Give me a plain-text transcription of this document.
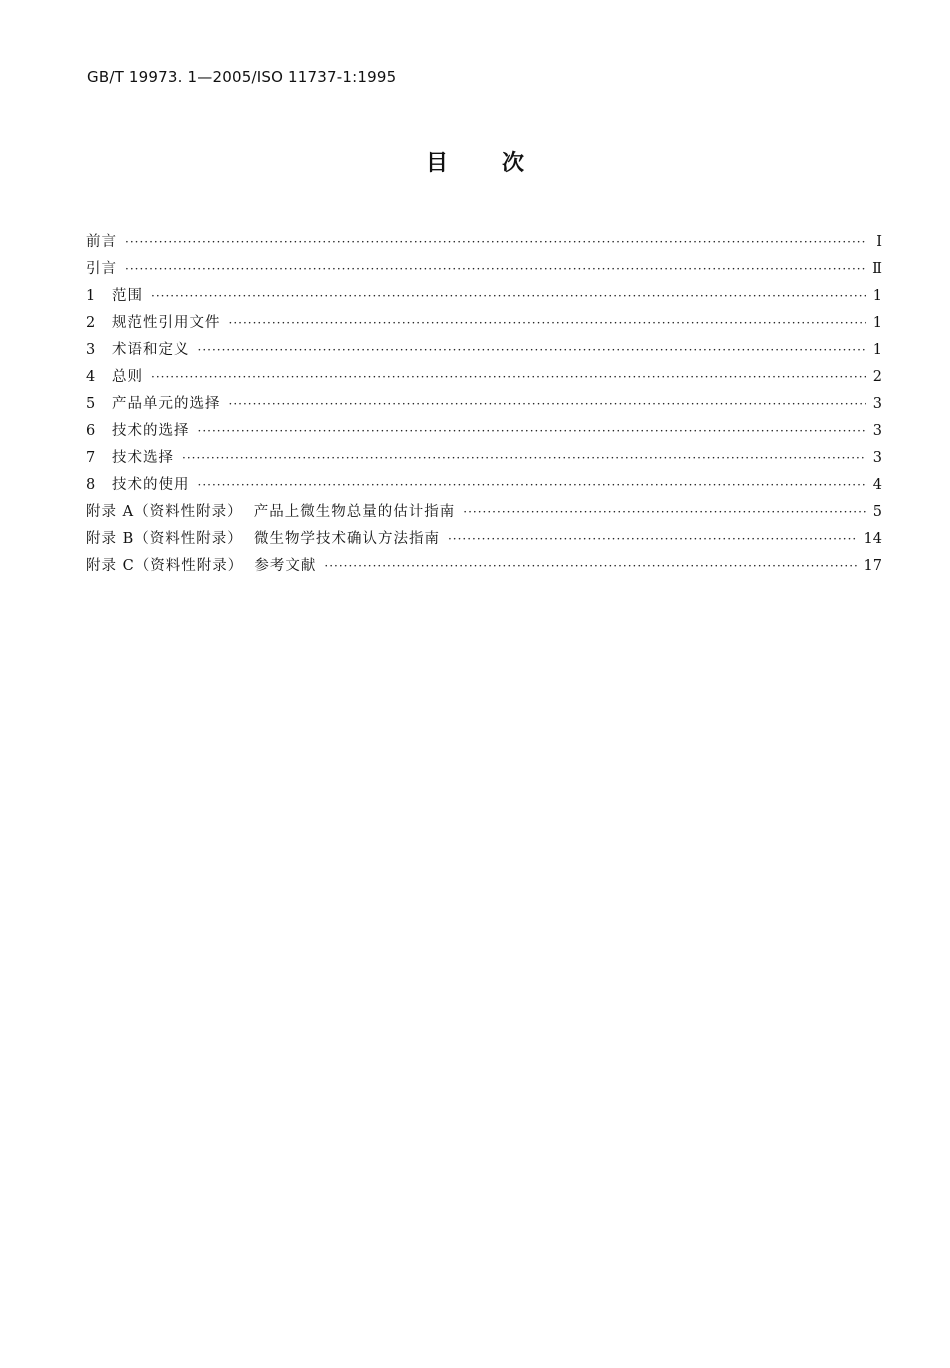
GB/T 19973. 1—2005/ISO 11737-1:1995
目次
前言 ·····	Ⅰ
引言 ·····	Ⅱ
1	范围 ·····	1
2	规范性引用文件 ·····	1
3	术语和定义 ·····	1
4	总则 ·····	2
5	产品单元的选择 ·····	3
6	技术的选择 ·····	3
7	技术选择 ·····	3
8	技术的使用 ·····	4
附录 A（资料性附录）  产品上微生物总量的估计指南 ·····	5
附录 B（资料性附录）  微生物学技术确认方法指南 ·····	14
附录 C（资料性附录）  参考文献 ·····	17
